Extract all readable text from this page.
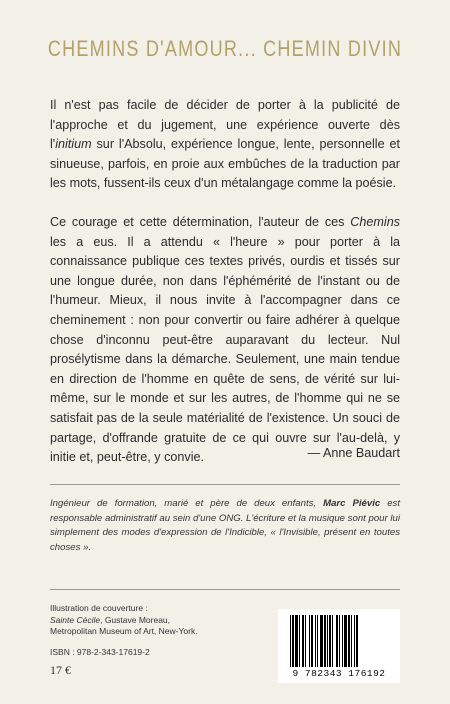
CHEMINS D'AMOUR... CHEMIN DIVIN

Il n'est pas facile de décider de porter à la publicité de l'approche et du jugement, une expérience ouverte dès l'initium sur l'Absolu, expérience longue, lente, personnelle et sinueuse, parfois, en proie aux embûches de la traduction par les mots, fussent-ils ceux d'un métalangage comme la poésie.

Ce courage et cette détermination, l'auteur de ces Chemins les a eus. Il a attendu « l'heure » pour porter à la connaissance publique ces textes privés, ourdis et tissés sur une longue durée, non dans l'éphémérité de l'instant ou de l'humeur. Mieux, il nous invite à l'accompagner dans ce cheminement : non pour convertir ou faire adhérer à quelque chose d'inconnu peut-être auparavant du lecteur. Nul prosélytisme dans la démarche. Seulement, une main tendue en direction de l'homme en quête de sens, de vérité sur lui-même, sur le monde et sur les autres, de l'homme qui ne se satisfait pas de la seule matérialité de l'existence. Un souci de partage, d'offrande gratuite de ce qui ouvre sur l'au-delà, y initie et, peut-être, y convie.	— Anne Baudart
Ingénieur de formation, marié et père de deux enfants, Marc Piévic est responsable administratif au sein d'une ONG. L'écriture et la musique sont pour lui simplement des modes d'expression de l'Indicible, « l'Invisible, présent en toutes choses ».
Illustration de couverture :
Sainte Cécile, Gustave Moreau,
Metropolitan Museum of Art, New-York.
ISBN : 978-2-343-17619-2
17 €	9 782343 176192
